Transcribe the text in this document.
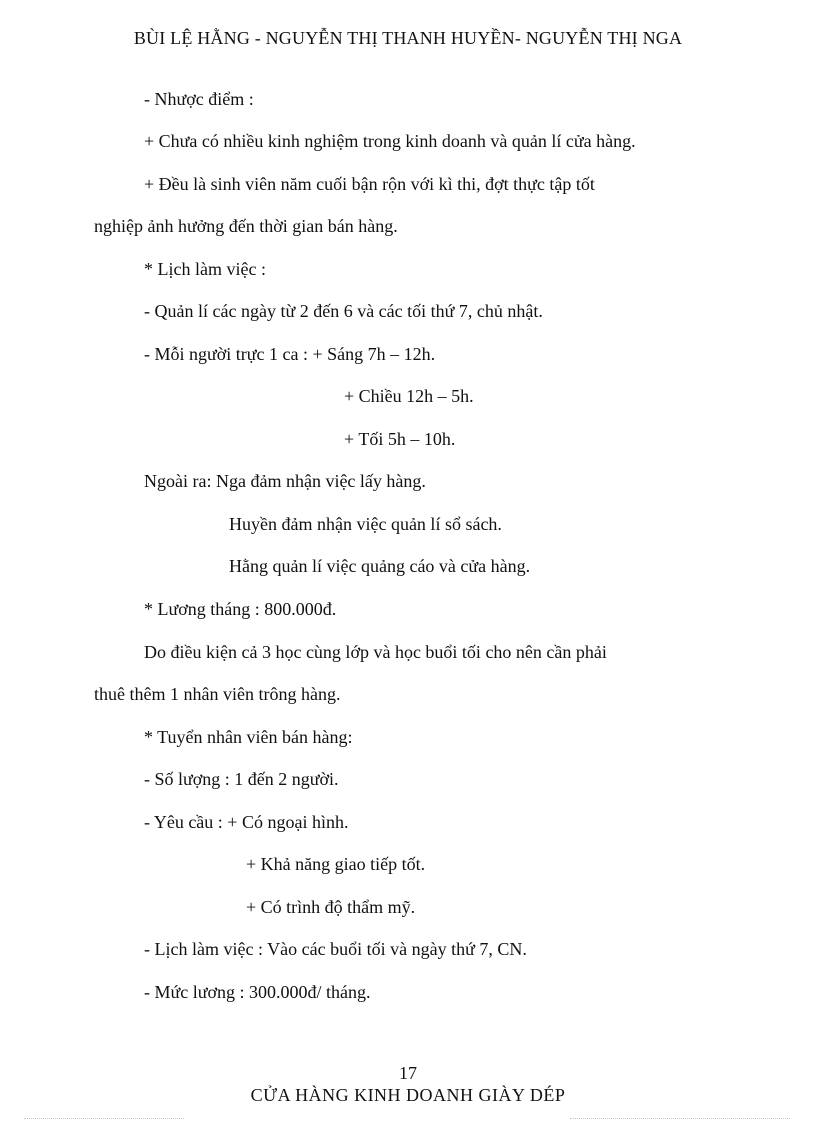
BÙI LỆ HẰNG - NGUYỄN THỊ THANH HUYỀN- NGUYỄN THỊ NGA
- Nhược điểm :
+ Chưa có nhiều kinh nghiệm trong kinh doanh và quản lí cửa hàng.
+ Đều là sinh viên năm cuối bận rộn với kì thi, đợt thực tập tốt
nghiệp ảnh hưởng đến thời gian bán hàng.
* Lịch làm việc :
- Quản lí các ngày từ 2 đến 6 và các tối thứ 7, chủ nhật.
- Mỗi người trực 1 ca : + Sáng 7h – 12h.
+ Chiều 12h – 5h.
+ Tối 5h – 10h.
Ngoài ra: Nga đảm nhận việc lấy hàng.
Huyền đảm nhận việc quản lí sổ sách.
Hằng quản lí việc quảng cáo và cửa hàng.
* Lương tháng : 800.000đ.
Do điều kiện cả 3 học cùng lớp và học buổi tối cho nên cần phải
thuê thêm 1 nhân viên trông hàng.
* Tuyển nhân viên bán hàng:
- Số lượng : 1 đến 2 người.
- Yêu cầu : + Có ngoại hình.
+ Khả năng giao tiếp tốt.
+ Có trình độ thẩm mỹ.
- Lịch làm việc : Vào các buổi tối và ngày thứ 7, CN.
- Mức lương : 300.000đ/ tháng.
17
CỬA HÀNG KINH DOANH GIÀY DÉP
